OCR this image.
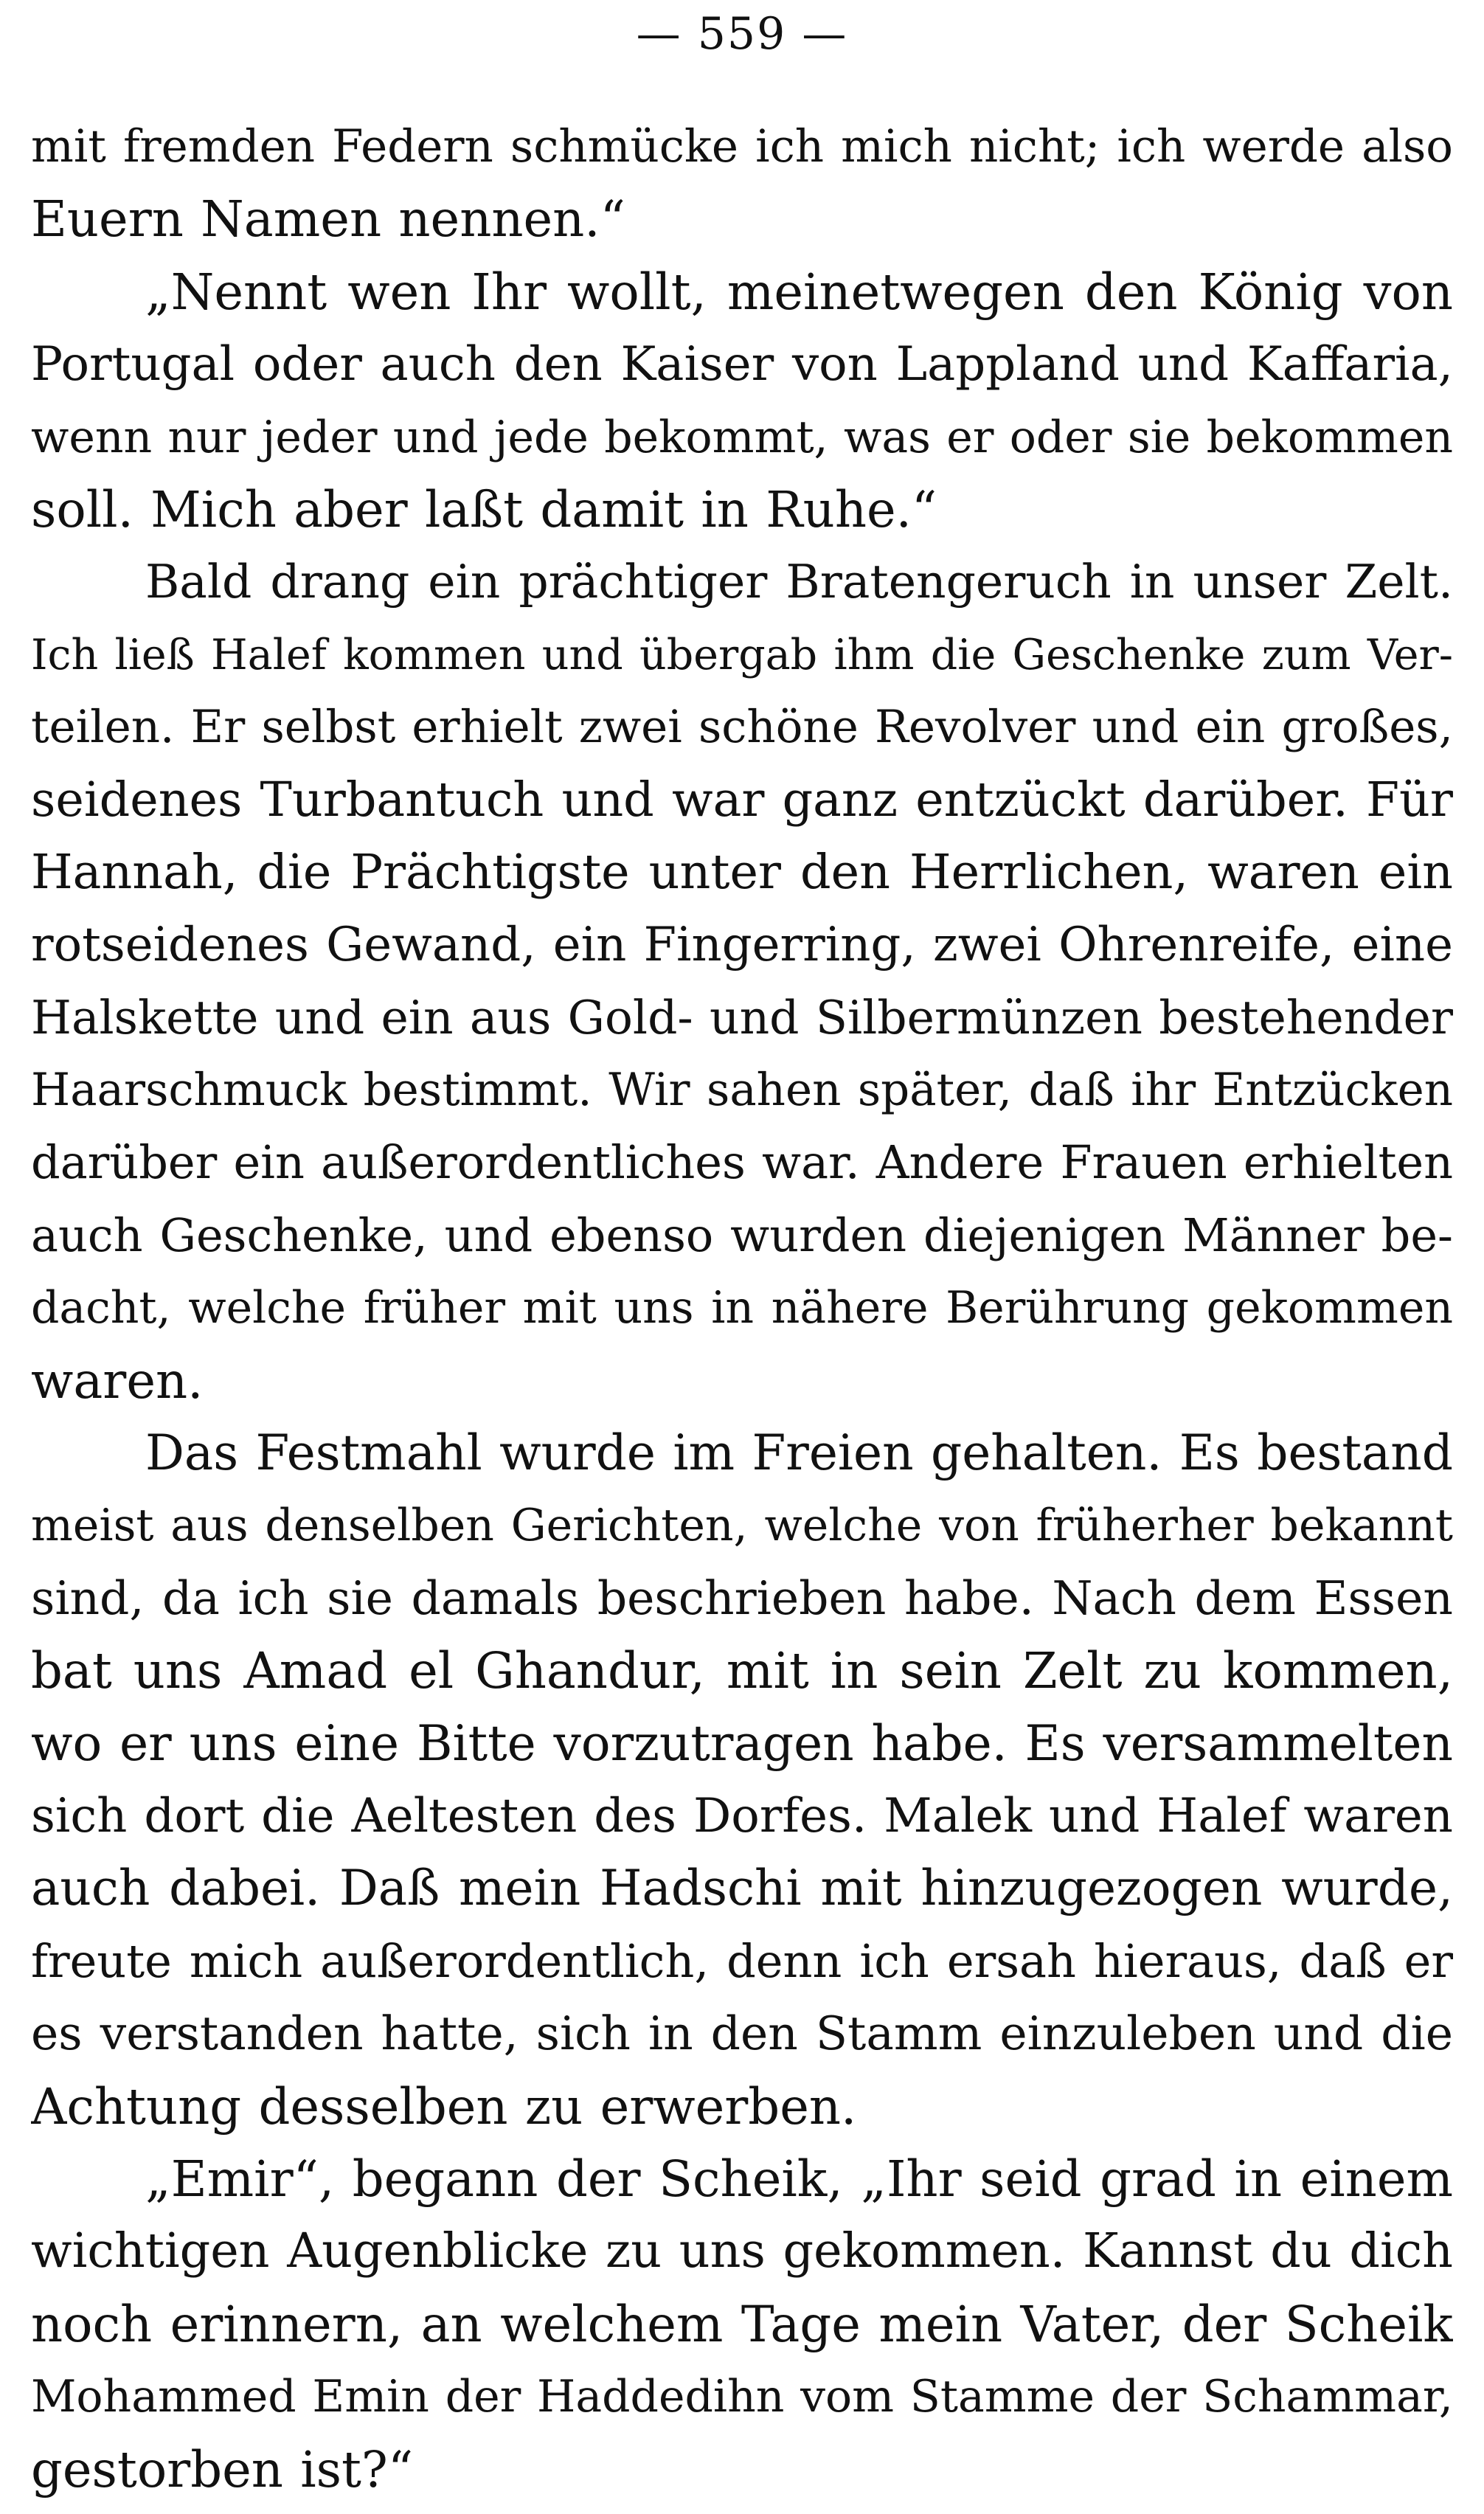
— 559 —
mit fremden Federn schmücke ich mich nicht; ich werde also
Euern Namen nennen.“
„Nennt wen Ihr wollt, meinetwegen den König von
Portugal oder auch den Kaiser von Lappland und Kaffaria,
wenn nur jeder und jede bekommt, was er oder sie bekommen
soll. Mich aber laßt damit in Ruhe.“
Bald drang ein prächtiger Bratengeruch in unser Zelt.
Ich ließ Halef kommen und übergab ihm die Geschenke zum Ver-
teilen. Er selbst erhielt zwei schöne Revolver und ein großes,
seidenes Turbantuch und war ganz entzückt darüber. Für
Hannah, die Prächtigste unter den Herrlichen, waren ein
rotseidenes Gewand, ein Fingerring, zwei Ohrenreife, eine
Halskette und ein aus Gold- und Silbermünzen bestehender
Haarschmuck bestimmt. Wir sahen später, daß ihr Entzücken
darüber ein außerordentliches war. Andere Frauen erhielten
auch Geschenke, und ebenso wurden diejenigen Männer be-
dacht, welche früher mit uns in nähere Berührung gekommen
waren.
Das Festmahl wurde im Freien gehalten. Es bestand
meist aus denselben Gerichten, welche von früherher bekannt
sind, da ich sie damals beschrieben habe. Nach dem Essen
bat uns Amad el Ghandur, mit in sein Zelt zu kommen,
wo er uns eine Bitte vorzutragen habe. Es versammelten
sich dort die Aeltesten des Dorfes. Malek und Halef waren
auch dabei. Daß mein Hadschi mit hinzugezogen wurde,
freute mich außerordentlich, denn ich ersah hieraus, daß er
es verstanden hatte, sich in den Stamm einzuleben und die
Achtung desselben zu erwerben.
„Emir“, begann der Scheik, „Ihr seid grad in einem
wichtigen Augenblicke zu uns gekommen. Kannst du dich
noch erinnern, an welchem Tage mein Vater, der Scheik
Mohammed Emin der Haddedihn vom Stamme der Schammar,
gestorben ist?“
